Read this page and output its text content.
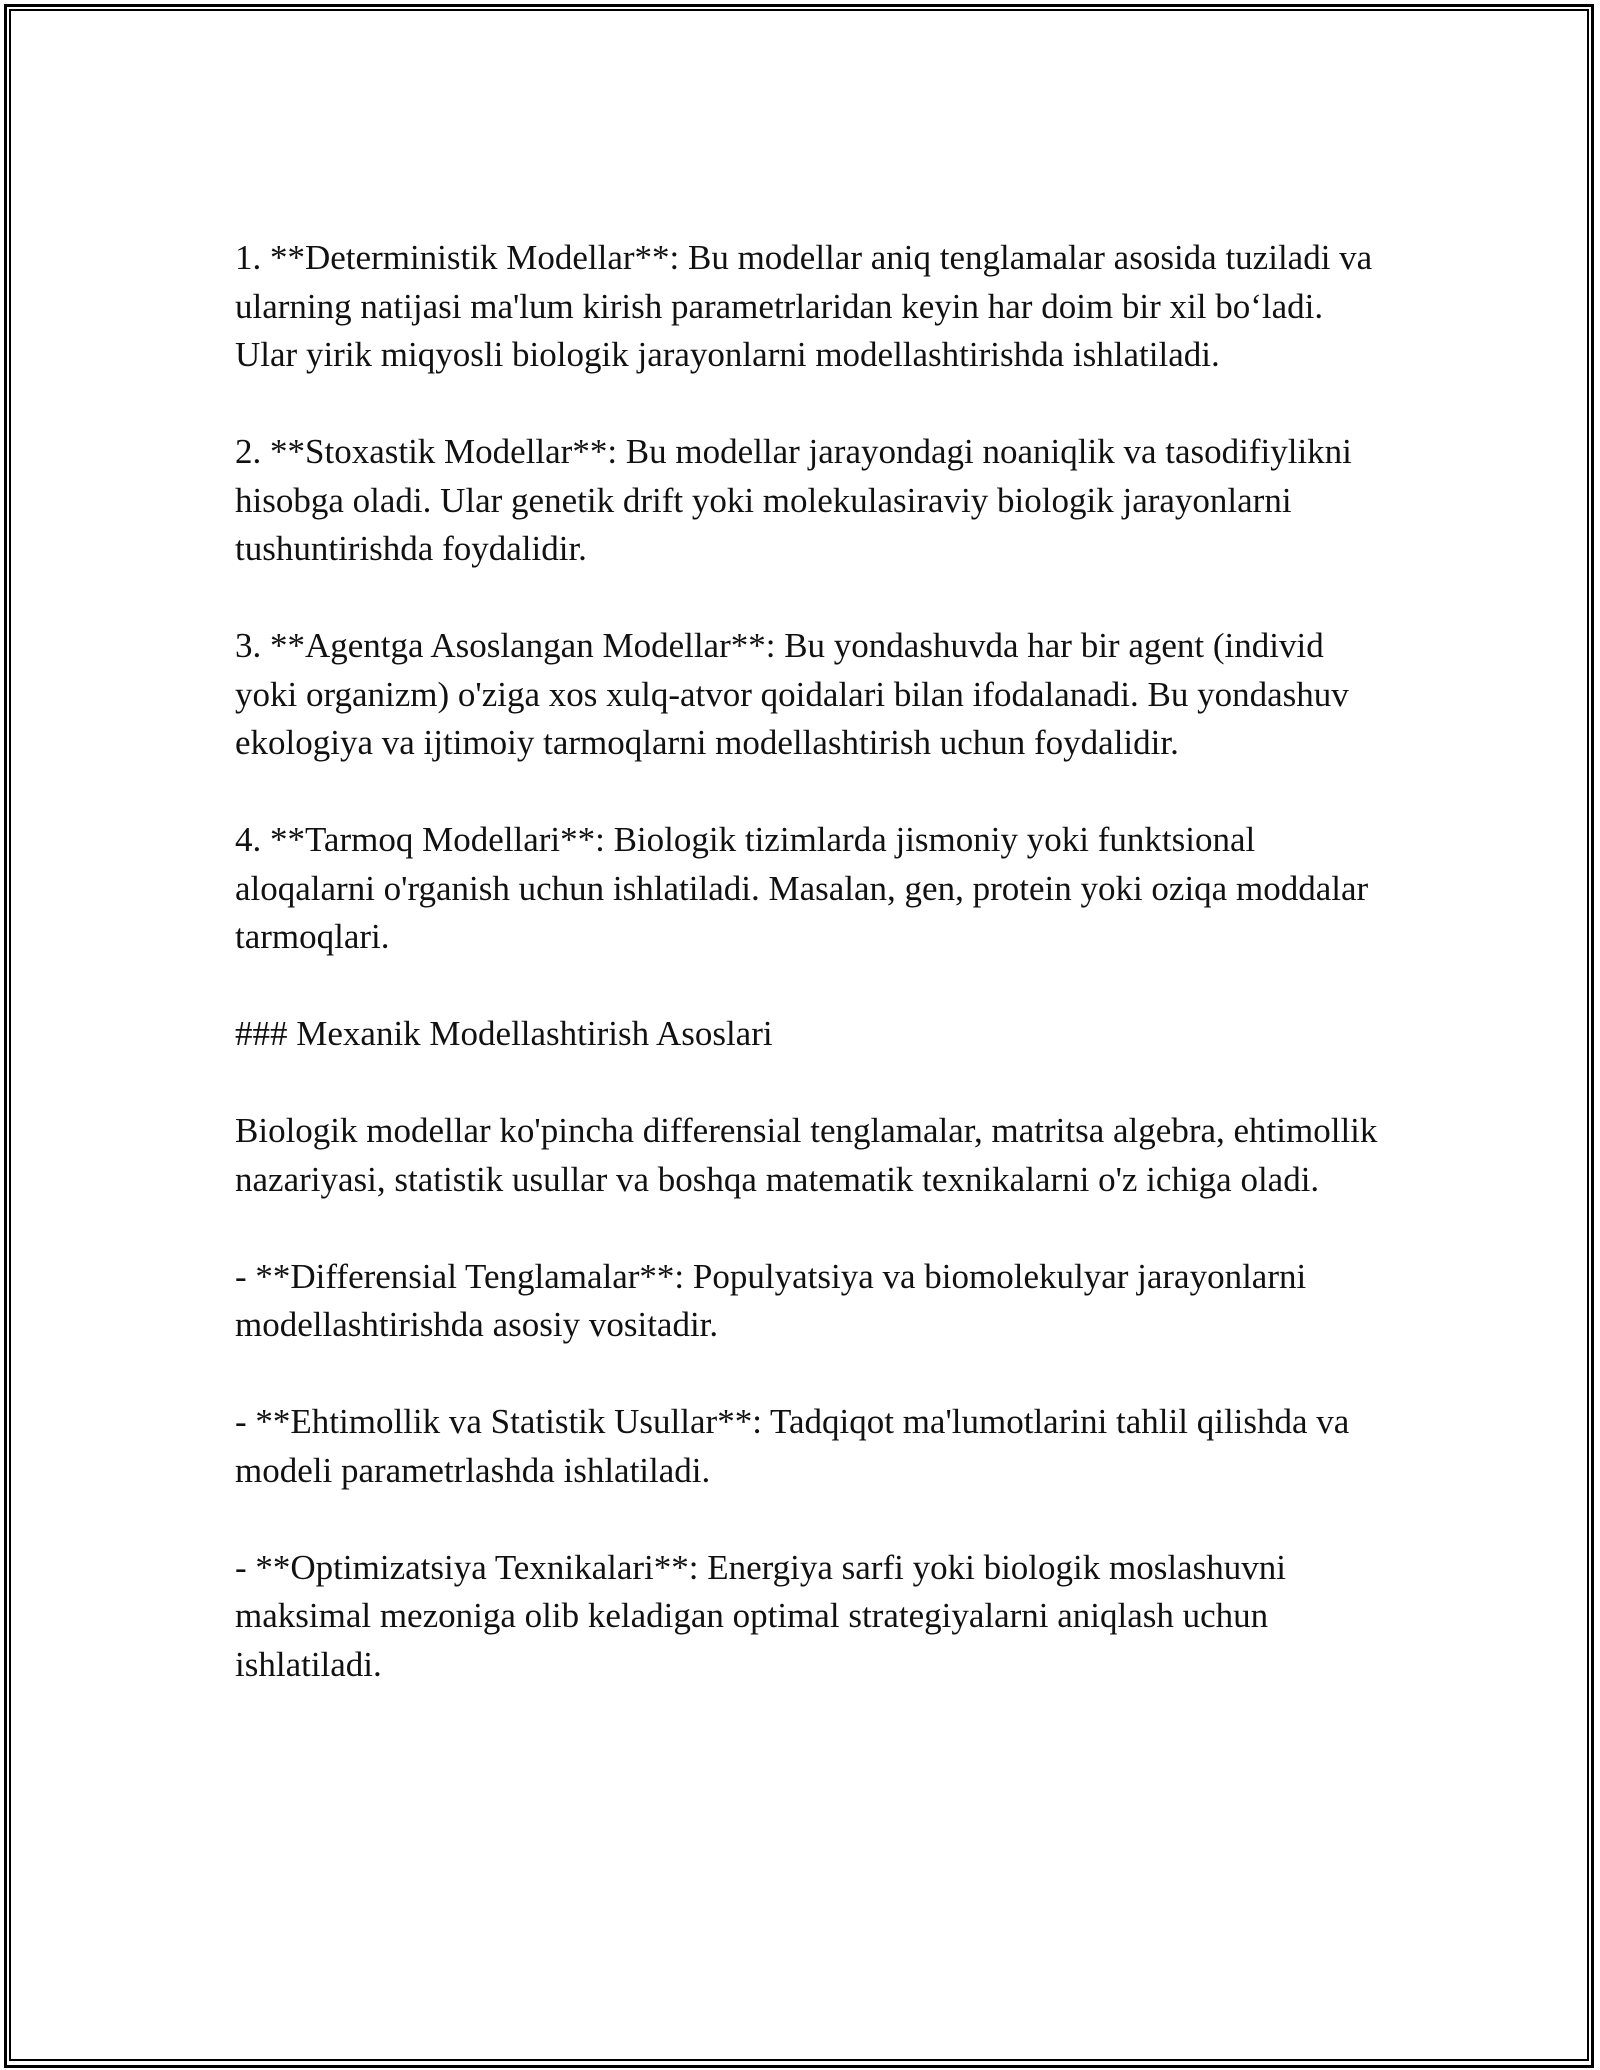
1. **Deterministik Modellar**: Bu modellar aniq tenglamalar asosida tuziladi va ularning natijasi ma'lum kirish parametrlaridan keyin har doim bir xil bo‘ladi. Ular yirik miqyosli biologik jarayonlarni modellashtirishda ishlatiladi.

2. **Stoxastik Modellar**: Bu modellar jarayondagi noaniqlik va tasodifiylikni hisobga oladi. Ular genetik drift yoki molekulasiraviy biologik jarayonlarni tushuntirishda foydalidir.

3. **Agentga Asoslangan Modellar**: Bu yondashuvda har bir agent (individ yoki organizm) o'ziga xos xulq-atvor qoidalari bilan ifodalanadi. Bu yondashuv ekologiya va ijtimoiy tarmoqlarni modellashtirish uchun foydalidir.

4. **Tarmoq Modellari**: Biologik tizimlarda jismoniy yoki funktsional aloqalarni o'rganish uchun ishlatiladi. Masalan, gen, protein yoki oziqa moddalar tarmoqlari.

### Mexanik Modellashtirish Asoslari

Biologik modellar ko'pincha differensial tenglamalar, matritsa algebra, ehtimollik nazariyasi, statistik usullar va boshqa matematik texnikalarni o'z ichiga oladi.

- **Differensial Tenglamalar**: Populyatsiya va biomolekulyar jarayonlarni modellashtirishda asosiy vositadir.

- **Ehtimollik va Statistik Usullar**: Tadqiqot ma'lumotlarini tahlil qilishda va modeli parametrlashda ishlatiladi.

- **Optimizatsiya Texnikalari**: Energiya sarfi yoki biologik moslashuvni maksimal mezoniga olib keladigan optimal strategiyalarni aniqlash uchun ishlatiladi.
